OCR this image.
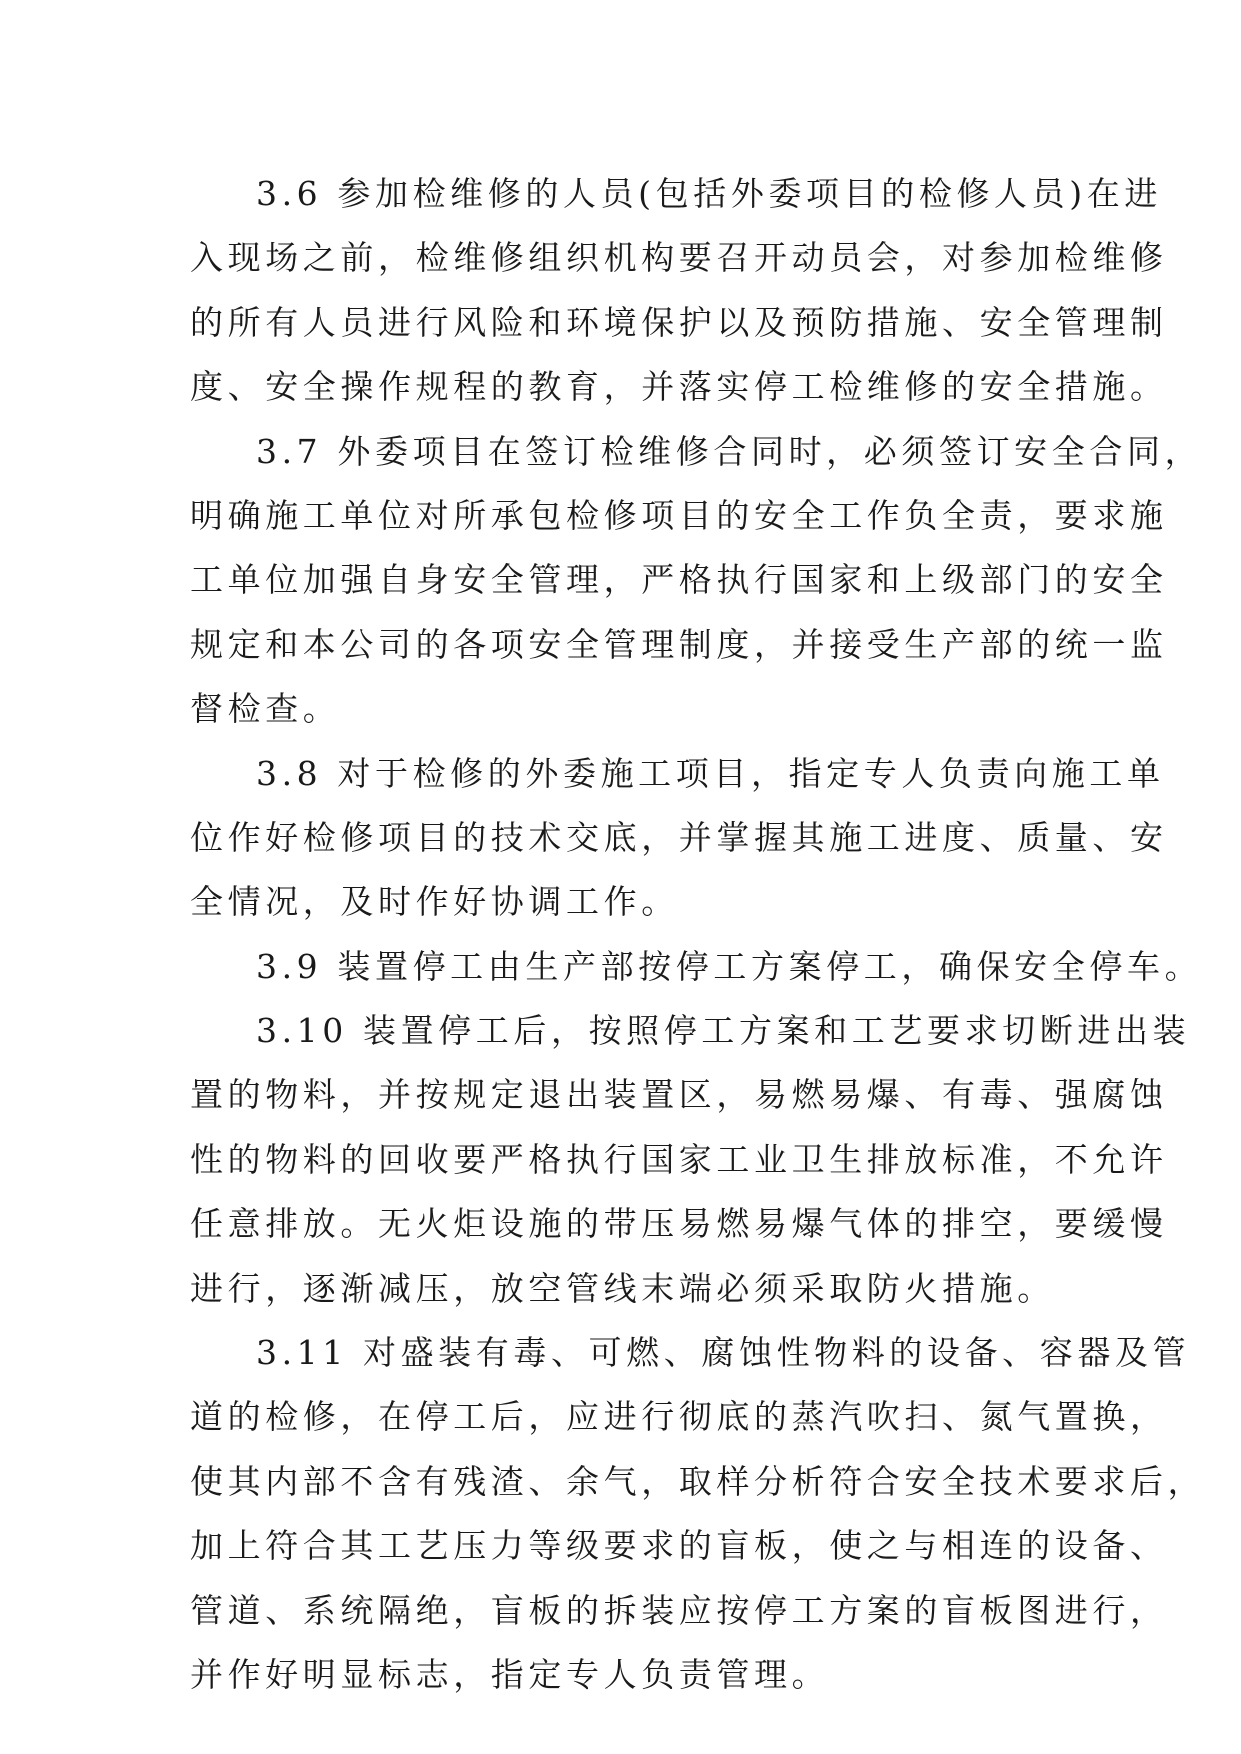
3.6 参加检维修的人员(包括外委项目的检修人员)在进
入现场之前，检维修组织机构要召开动员会，对参加检维修
的所有人员进行风险和环境保护以及预防措施、安全管理制
度、安全操作规程的教育，并落实停工检维修的安全措施。
3.7 外委项目在签订检维修合同时，必须签订安全合同，
明确施工单位对所承包检修项目的安全工作负全责，要求施
工单位加强自身安全管理，严格执行国家和上级部门的安全
规定和本公司的各项安全管理制度，并接受生产部的统一监
督检查。
3.8 对于检修的外委施工项目，指定专人负责向施工单
位作好检修项目的技术交底，并掌握其施工进度、质量、安
全情况，及时作好协调工作。
3.9 装置停工由生产部按停工方案停工，确保安全停车。
3.10 装置停工后，按照停工方案和工艺要求切断进出装
置的物料，并按规定退出装置区，易燃易爆、有毒、强腐蚀
性的物料的回收要严格执行国家工业卫生排放标准，不允许
任意排放。无火炬设施的带压易燃易爆气体的排空，要缓慢
进行，逐渐减压，放空管线末端必须采取防火措施。
3.11 对盛装有毒、可燃、腐蚀性物料的设备、容器及管
道的检修，在停工后，应进行彻底的蒸汽吹扫、氮气置换，
使其内部不含有残渣、余气，取样分析符合安全技术要求后，
加上符合其工艺压力等级要求的盲板，使之与相连的设备、
管道、系统隔绝，盲板的拆装应按停工方案的盲板图进行，
并作好明显标志，指定专人负责管理。
